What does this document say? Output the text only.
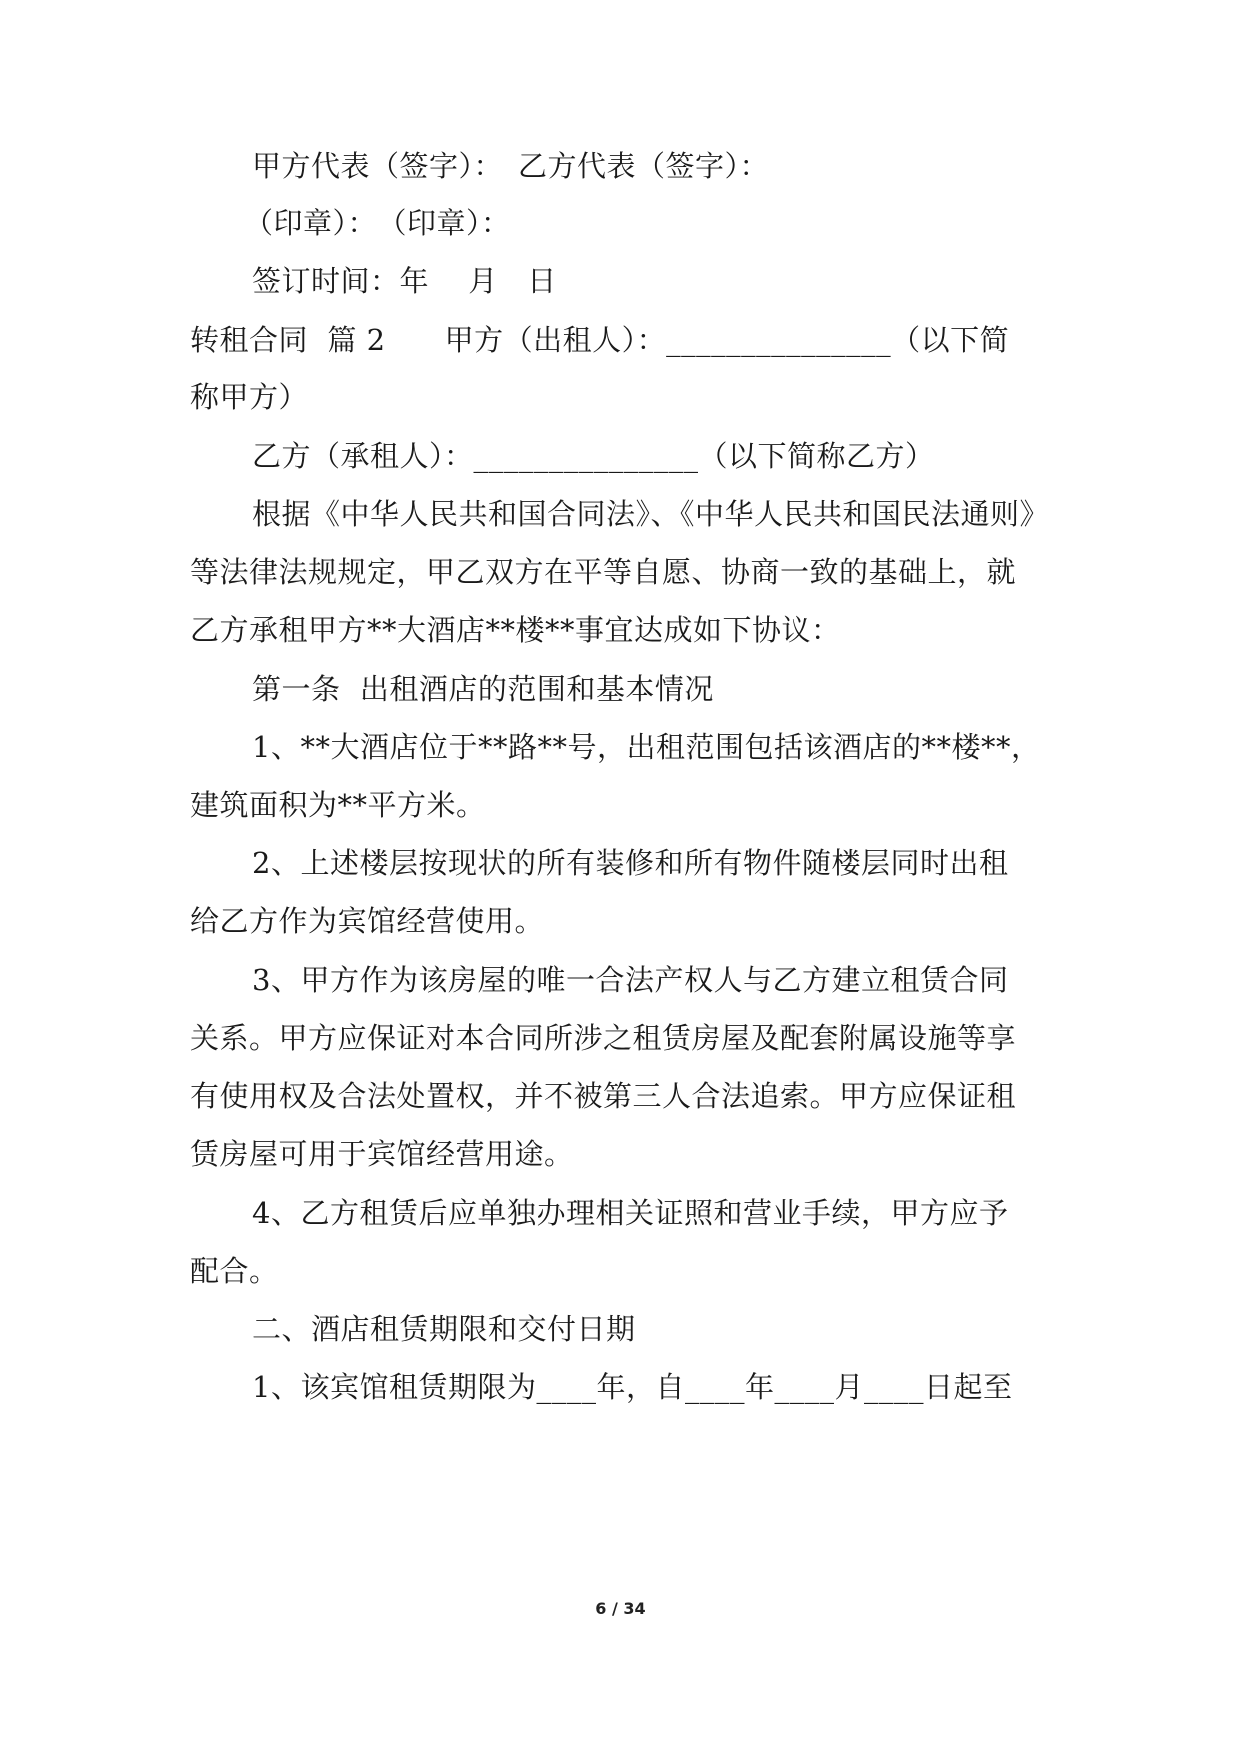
甲方代表（签字）：　乙方代表（签字）：
（印章）：　（印章）：
签订时间：年　 月　日
转租合同  篇 2　　甲方（出租人）：_______________（以下简
称甲方）
乙方（承租人）：_______________（以下简称乙方）
根据《中华人民共和国合同法》、《中华人民共和国民法通则》
等法律法规规定，甲乙双方在平等自愿、协商一致的基础上，就
乙方承租甲方**大酒店**楼**事宜达成如下协议：
第一条  出租酒店的范围和基本情况
1、**大酒店位于**路**号，出租范围包括该酒店的**楼**，
建筑面积为**平方米。
2、上述楼层按现状的所有装修和所有物件随楼层同时出租
给乙方作为宾馆经营使用。
3、甲方作为该房屋的唯一合法产权人与乙方建立租赁合同
关系。甲方应保证对本合同所涉之租赁房屋及配套附属设施等享
有使用权及合法处置权，并不被第三人合法追索。甲方应保证租
赁房屋可用于宾馆经营用途。
4、乙方租赁后应单独办理相关证照和营业手续，甲方应予
配合。
二、酒店租赁期限和交付日期
1、该宾馆租赁期限为____年，自____年____月____日起至
6 / 34
